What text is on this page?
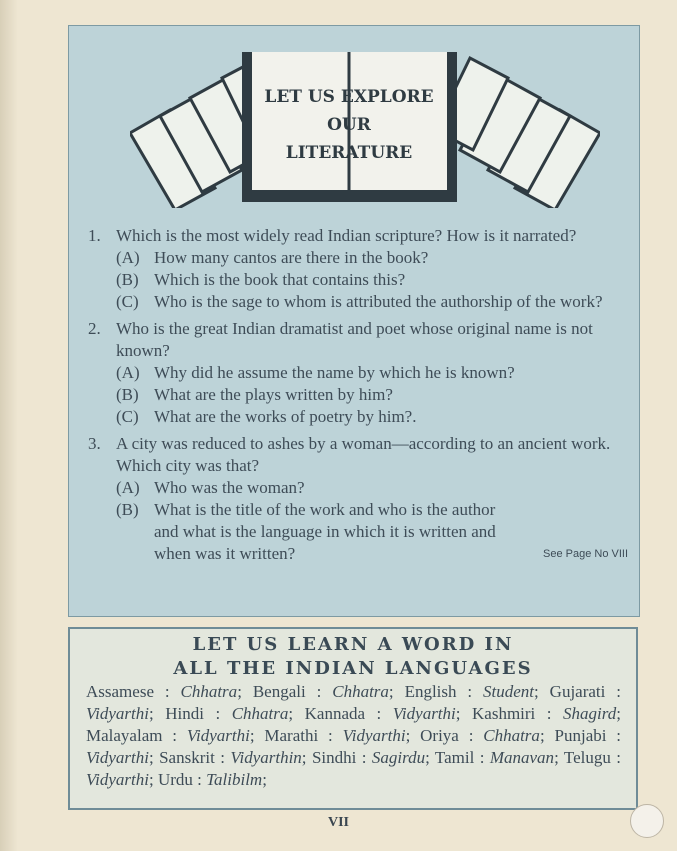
LET US EXPLORE
OUR
LITERATURE
1. Which is the most widely read Indian scripture? How is it narrated?
(A) How many cantos are there in the book?
(B) Which is the book that contains this?
(C) Who is the sage to whom is attributed the authorship of the work?
2. Who is the great Indian dramatist and poet whose original name is not known?
(A) Why did he assume the name by which he is known?
(B) What are the plays written by him?
(C) What are the works of poetry by him?.
3. A city was reduced to ashes by a woman—according to an ancient work. Which city was that?
(A) Who was the woman?
(B) What is the title of the work and who is the author and what is the language in which it is written and when was it written?	See Page No VIII
LET US LEARN A WORD IN
ALL THE INDIAN LANGUAGES
Assamese : Chhatra; Bengali : Chhatra; English : Student; Gujarati : Vidyarthi; Hindi : Chhatra; Kannada : Vidyarthi; Kashmiri : Shagird; Malayalam : Vidyarthi; Marathi : Vidyarthi; Oriya : Chhatra; Punjabi : Vidyarthi; Sanskrit : Vidyarthin; Sindhi : Sagirdu; Tamil : Manavan; Telugu : Vidyarthi; Urdu : Talibilm;
VII
